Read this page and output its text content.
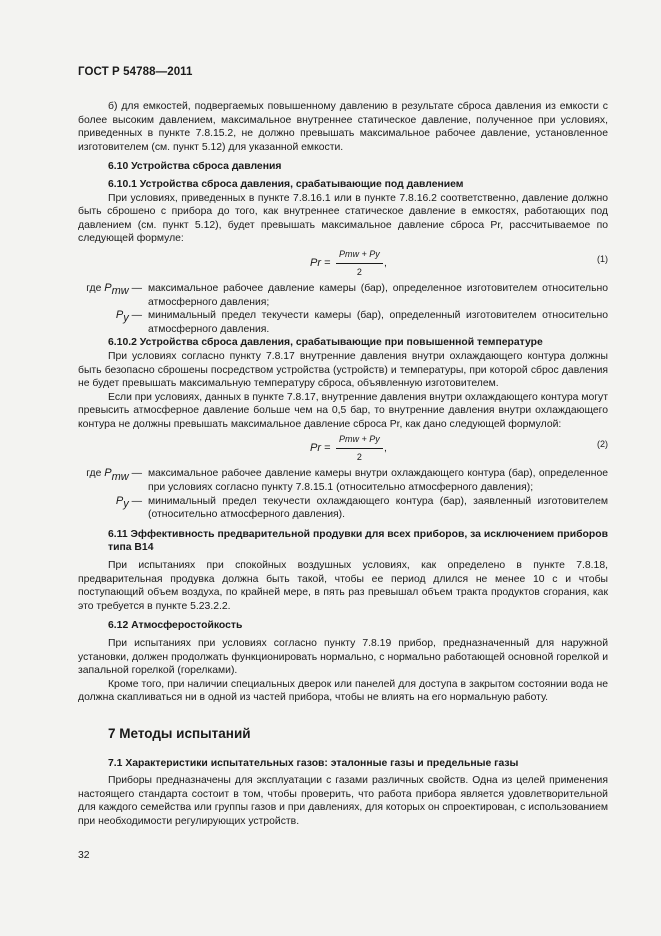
ГОСТ Р 54788—2011

б) для емкостей, подвергаемых повышенному давлению в результате сброса давления из емкости с более высоким давлением, максимальное внутреннее статическое давление, полученное при условиях, приведенных в пункте 7.8.15.2, не должно превышать максимальное рабочее давление, установленное изготовителем (см. пункт 5.12) для указанной емкости.

6.10 Устройства сброса давления
6.10.1 Устройства сброса давления, срабатывающие под давлением

При условиях, приведенных в пункте 7.8.16.1 или в пункте 7.8.16.2 соответственно, давление должно быть сброшено с прибора до того, как внутреннее статическое давление в емкостях, работающих под давлением (см. пункт 5.12), будет превышать максимальное давление сброса Pr, рассчитываемое по следующей формуле:

Pr =
Pmw + Py
2
,	(1)
где $P_{mw}$ — максимальное рабочее давление камеры (бар), определенное изготовителем относительно атмосферного давления;
$P_y$ — минимальный предел текучести камеры (бар), определенный изготовителем относительно атмосферного давления.
6.10.2 Устройства сброса давления, срабатывающие при повышенной температуре

При условиях согласно пункту 7.8.17 внутренние давления внутри охлаждающего контура должны быть безопасно сброшены посредством устройства (устройств) и температуры, при которой сброс давления не будет превышать максимальную температуру сброса, объявленную изготовителем.

Если при условиях, данных в пункте 7.8.17, внутренние давления внутри охлаждающего контура могут превысить атмосферное давление больше чем на 0,5 бар, то внутренние давления внутри охлаждающего контура не должны превышать максимальное давление сброса Pr, как дано следующей формулой:

Pr =
Pmw + Py
2
,	(2)
где $P_{mw}$ — максимальное рабочее давление камеры внутри охлаждающего контура (бар), определенное при условиях согласно пункту 7.8.15.1 (относительно атмосферного давления);
$P_y$ — минимальный предел текучести охлаждающего контура (бар), заявленный изготовителем (относительно атмосферного давления).
6.11 Эффективность предварительной продувки для всех приборов, за исключением приборов типа B14

При испытаниях при спокойных воздушных условиях, как определено в пункте 7.8.18, предварительная продувка должна быть такой, чтобы ее период длился не менее 10 с и чтобы поступающий объем воздуха, по крайней мере, в пять раз превышал объем тракта продуктов сгорания, как это требуется в пункте 5.23.2.2.

6.12 Атмосферостойкость

При испытаниях при условиях согласно пункту 7.8.19 прибор, предназначенный для наружной установки, должен продолжать функционировать нормально, с нормально работающей основной горелкой и запальной горелкой (горелками).

Кроме того, при наличии специальных дверок или панелей для доступа в закрытом состоянии вода не должна скапливаться ни в одной из частей прибора, чтобы не влиять на его нормальную работу.

7 Методы испытаний
7.1 Характеристики испытательных газов: эталонные газы и предельные газы

Приборы предназначены для эксплуатации с газами различных свойств. Одна из целей применения настоящего стандарта состоит в том, чтобы проверить, что работа прибора является удовлетворительной для каждого семейства или группы газов и при давлениях, для которых он спроектирован, с использованием при необходимости регулирующих устройств.

32
